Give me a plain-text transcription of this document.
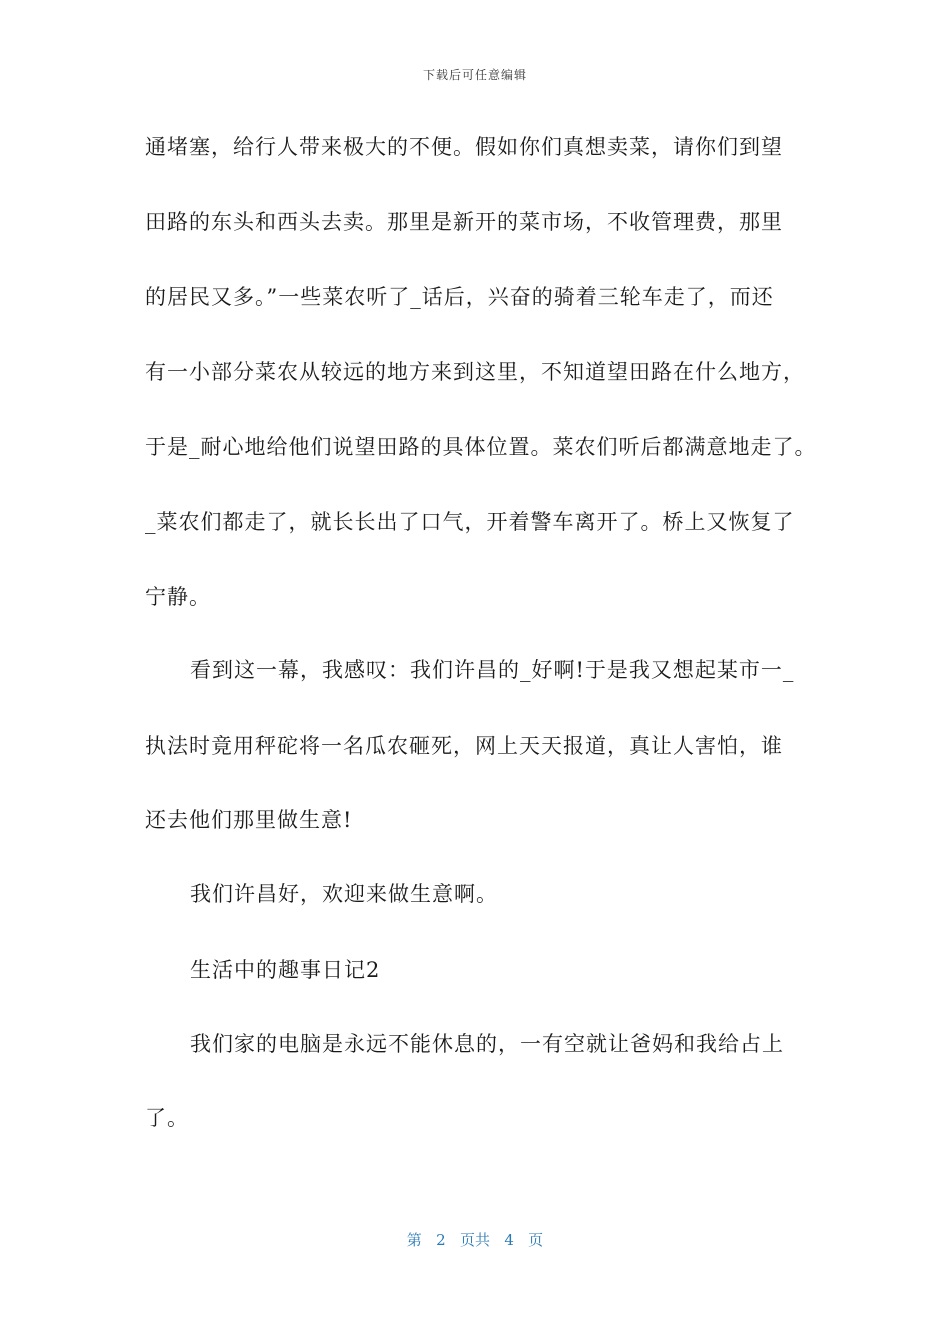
下载后可任意编辑
通堵塞，给行人带来极大的不便。假如你们真想卖菜，请你们到望
田路的东头和西头去卖。那里是新开的菜市场，不收管理费，那里
的居民又多。”一些菜农听了_话后，兴奋的骑着三轮车走了，而还
有一小部分菜农从较远的地方来到这里，不知道望田路在什么地方，
于是_耐心地给他们说望田路的具体位置。菜农们听后都满意地走了。
_菜农们都走了，就长长出了口气，开着警车离开了。桥上又恢复了
宁静。
看到这一幕，我感叹：我们许昌的_好啊!于是我又想起某市一_
执法时竟用秤砣将一名瓜农砸死，网上天天报道，真让人害怕，谁
还去他们那里做生意!
我们许昌好，欢迎来做生意啊。
生活中的趣事日记2
我们家的电脑是永远不能休息的，一有空就让爸妈和我给占上
了。
第 2 页共 4 页
